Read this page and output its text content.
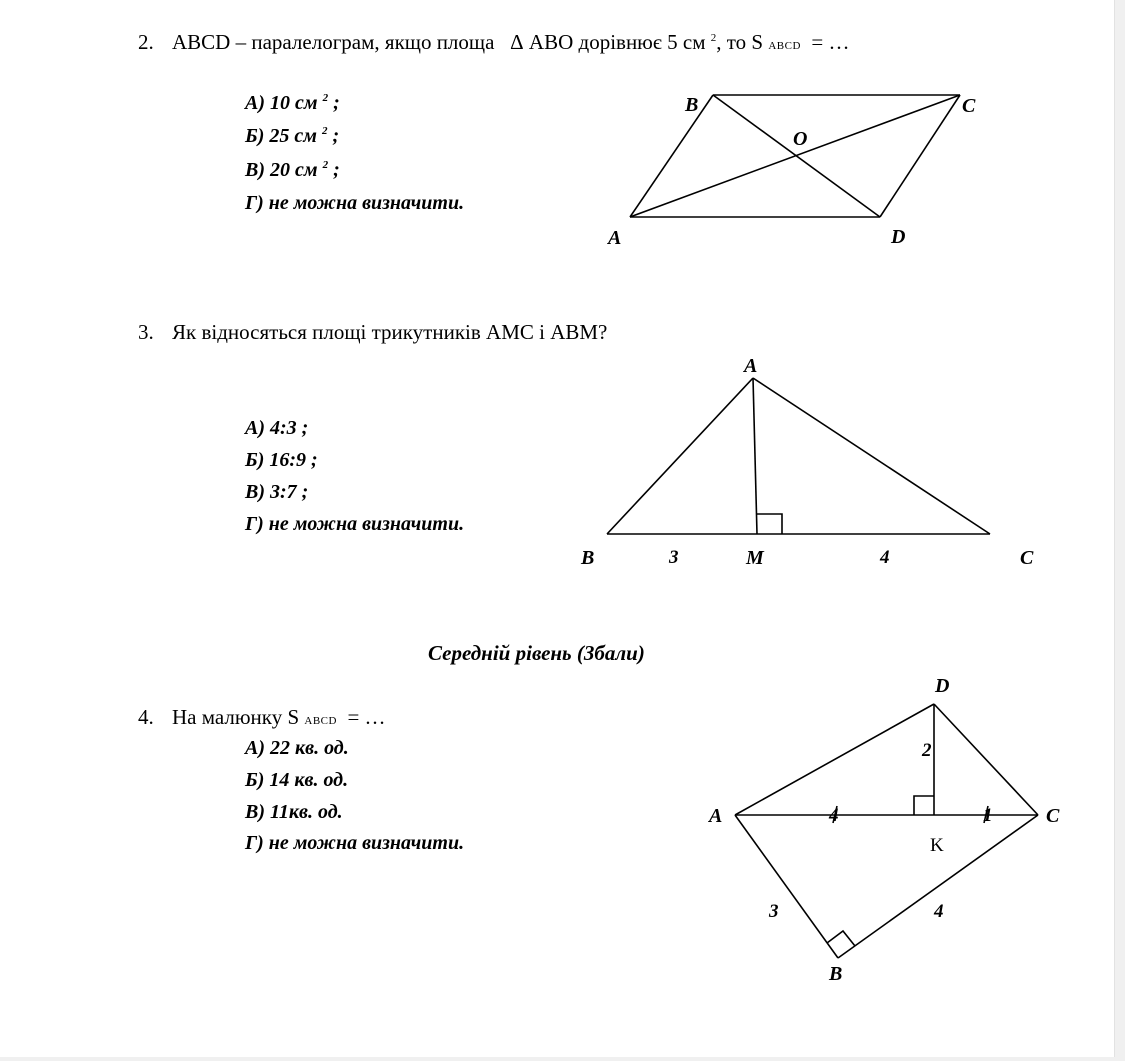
2. ABCD – паралелограм, якщо площа Δ ABO дорівнює 5 см $^2$, то S ABCD = …
А) 10 см $^2$ ;
Б) 25 см $^2$ ;
В) 20 см $^2$ ;
Г) не можна визначити.
B	C
O
A	D
A
B	3	M	4	C
D
2
A	4	1	C
K
3	4
B
3. Як відносяться площі трикутників АМС і АВМ?
А) 4:3 ;
Б) 16:9 ;
В) 3:7 ;
Г) не можна визначити.
Середній рівень (3бали)
4. На малюнку S ABCD = …
А) 22 кв. од.
Б) 14 кв. од.
В) 11кв. од.
Г) не можна визначити.
